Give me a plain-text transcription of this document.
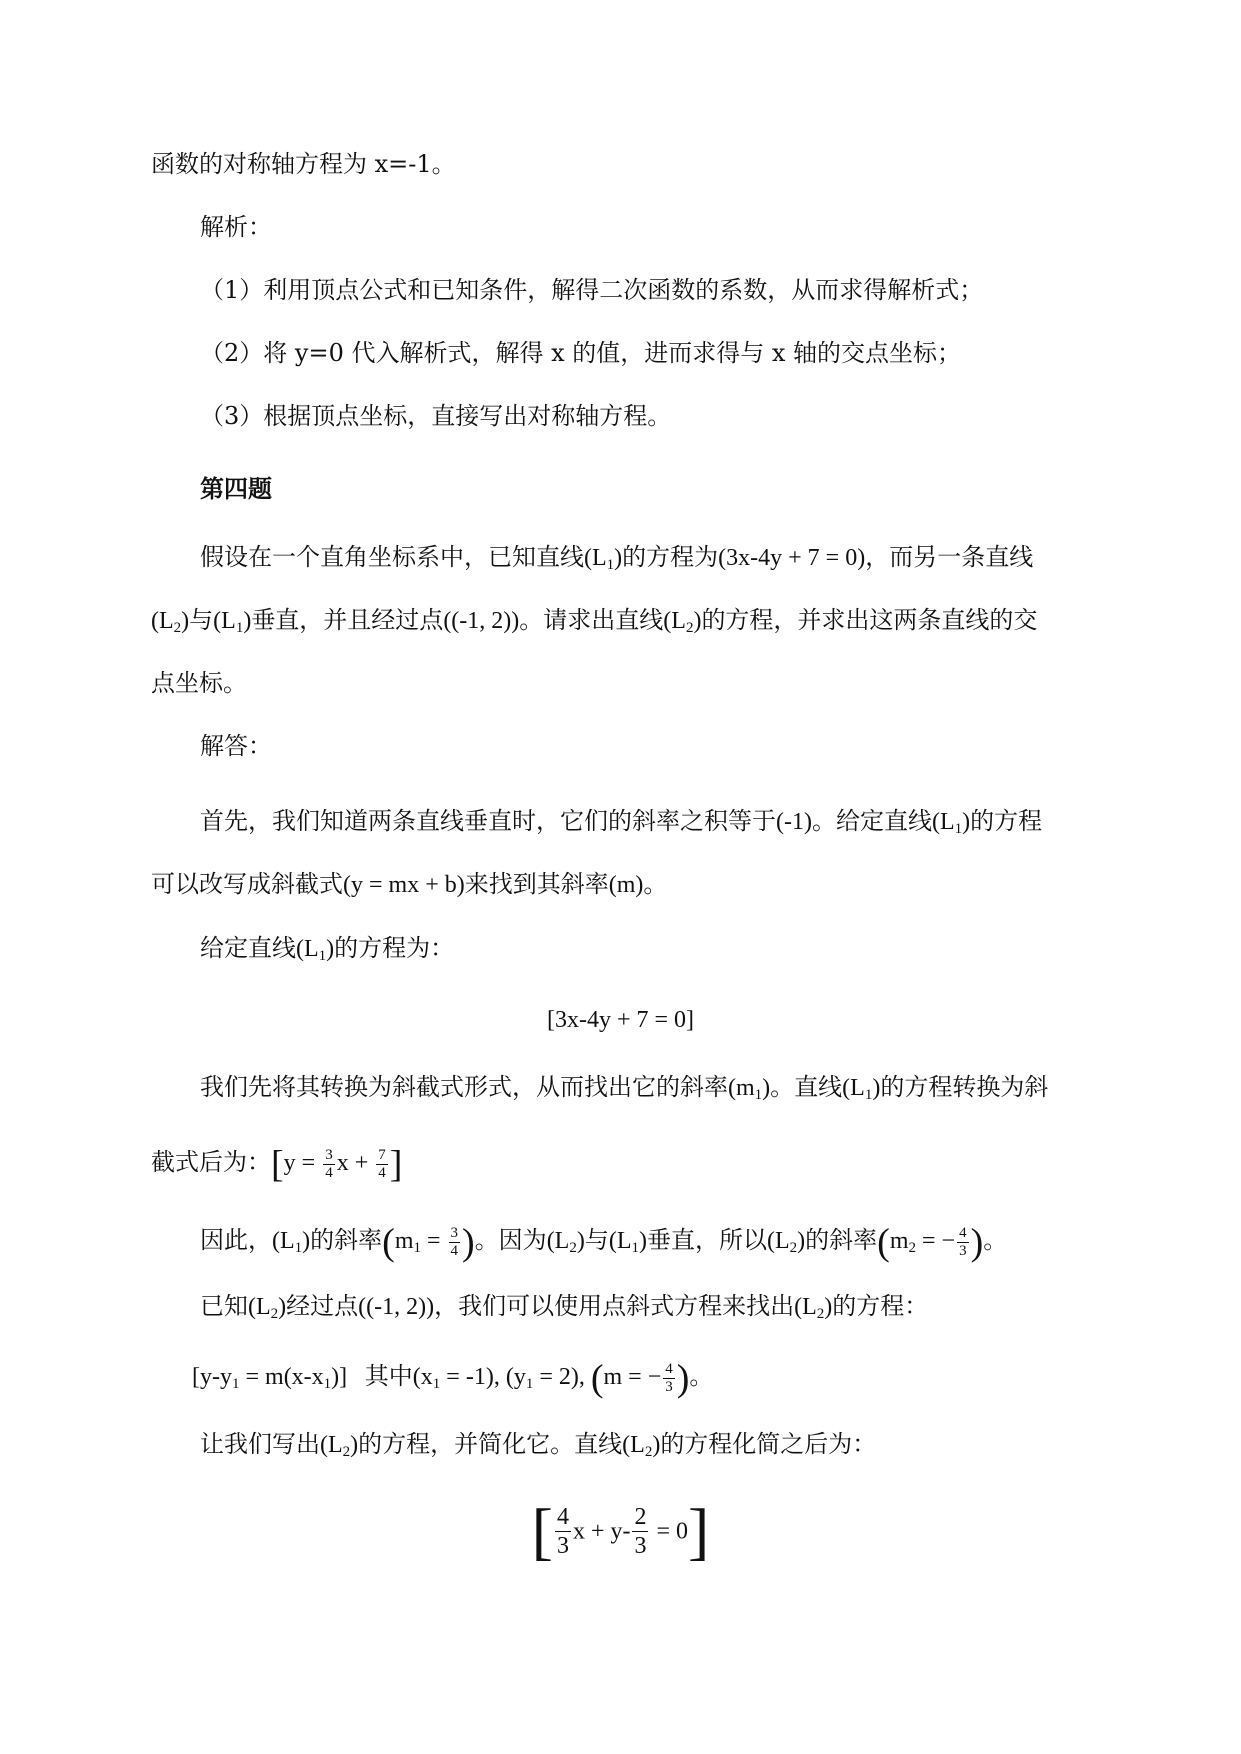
函数的对称轴方程为 x=-1。
解析：
（1）利用顶点公式和已知条件，解得二次函数的系数，从而求得解析式；
（2）将 y=0 代入解析式，解得 x 的值，进而求得与 x 轴的交点坐标；
（3）根据顶点坐标，直接写出对称轴方程。
第四题
假设在一个直角坐标系中，已知直线$(L_1)$的方程为(3x-4y + 7 = 0)，而另一条直线
$(L_2)$与$(L_1)$垂直，并且经过点((-1, 2))。请求出直线$(L_2)$的方程，并求出这两条直线的交
点坐标。
解答：
首先，我们知道两条直线垂直时，它们的斜率之积等于(-1)。给定直线$(L_1)$的方程
可以改写成斜截式(y = mx + b)来找到其斜率(m)。
给定直线$(L_1)$的方程为：
[3x-4y + 7 = 0]
我们先将其转换为斜截式形式，从而找出它的斜率$(m_1)$。直线$(L_1)$的方程转换为斜
截式后为：[$y = \frac{3}{4}$ $x + \frac{7}{4}$ ]
因此，$(L_1)$的斜率($m_1 = \frac{3}{4}$ )。因为$(L_2)$与$(L_1)$垂直，所以$(L_2)$的斜率($m_2$ = − $\frac{4}{3}$ )。
已知$(L_2)$经过点((-1, 2))，我们可以使用点斜式方程来找出$(L_2)$的方程：
$[y-y_1 = m(x-x_1)]$ 其中$(x_1 = -1)$, $(y_1 = 2)$, (m = − $\frac{4}{3}$ )。
让我们写出$(L_2)$的方程，并简化它。直线$(L_2)$的方程化简之后为：
[ $\frac{4}{3}$ $x + y- \frac{2}{3} = 0$]
